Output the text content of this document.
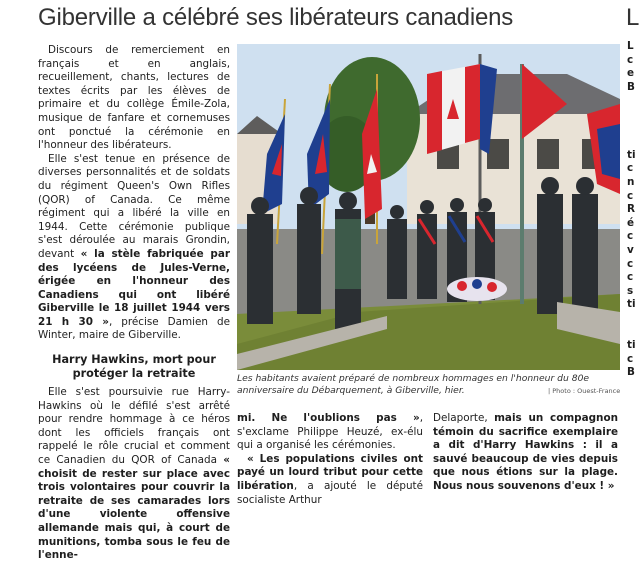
Giberville a célébré ses libérateurs canadiens	L

Discours de remerciement en français et en anglais, recueillement, chants, lectures de textes écrits par les élèves de primaire et du collège Émile-Zola, musique de fanfare et cornemuses ont ponctué la cérémonie en l'honneur des libérateurs.

Elle s'est tenue en présence de diverses personnalités et de soldats du régiment Queen's Own Rifles (QOR) of Canada. Ce même régiment qui a libéré la ville en 1944. Cette cérémonie publique s'est déroulée au marais Grondin, devant « la stèle fabriquée par des lycéens de Jules-Verne, érigée en l'honneur des Canadiens qui ont libéré Giberville le 18 juillet 1944 vers 21 h 30 », précise Damien de Winter, maire de Giberville.

Harry Hawkins, mort pour protéger la retraite

Elle s'est poursuivie rue Harry-Hawkins où le défilé s'est arrêté pour rendre hommage à ce héros dont les officiels français ont rappelé le rôle crucial et comment ce Canadien du QOR of Canada « choisit de rester sur place avec trois volontaires pour couvrir la retraite de ses camarades lors d'une violente offensive allemande mais qui, à court de munitions, tomba sous le feu de l'enne-

Les habitants avaient préparé de nombreux hommages en l'honneur du 80e anniversaire du Débarquement, à Giberville, hier.	| Photo : Ouest-France

mi. Ne l'oublions pas », s'exclame Philippe Heuzé, ex-élu qui a organisé les cérémonies.

« Les populations civiles ont payé un lourd tribut pour cette libération, a ajouté le député socialiste Arthur

Delaporte, mais un compagnon témoin du sacrifice exemplaire a dit d'Harry Hawkins : il a sauvé beaucoup de vies depuis que nous étions sur la plage. Nous nous souvenons d'eux ! »

L
c
e
B

ti
c
n
c
R
é
c
v
c
c
s
ti

ti
c
B
